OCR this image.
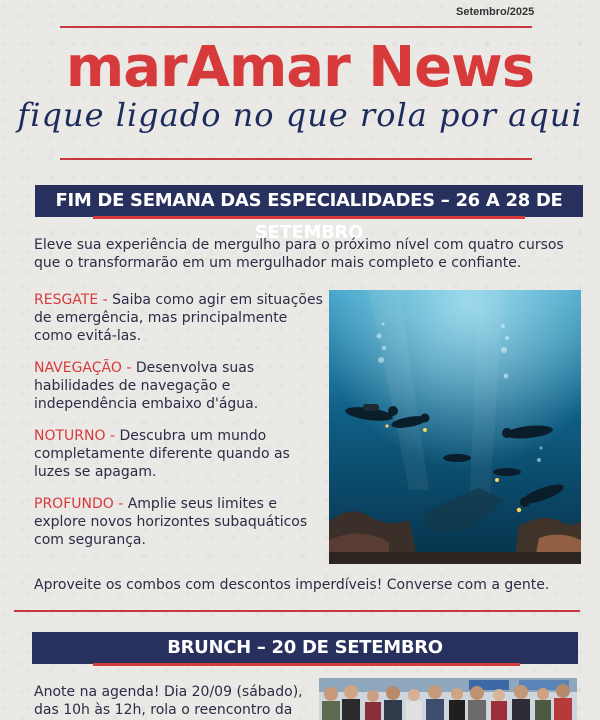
Setembro/2025
marAmar News
fique ligado no que rola por aqui
FIM DE SEMANA DAS ESPECIALIDADES – 26 A 28 DE SETEMBRO
Eleve sua experiência de mergulho para o próximo nível com quatro cursos que o transformarão em um mergulhador mais completo e confiante.
RESGATE - Saiba como agir em situações de emergência, mas principalmente como evitá-las.
NAVEGAÇÃO - Desenvolva suas habilidades de navegação e independência embaixo d'água.
NOTURNO - Descubra um mundo completamente diferente quando as luzes se apagam.
PROFUNDO - Amplie seus limites e explore novos horizontes subaquáticos com segurança.
Aproveite os combos com descontos imperdíveis! Converse com a gente.
BRUNCH – 20 DE SETEMBRO
Anote na agenda! Dia 20/09 (sábado), das 10h às 12h, rola o reencontro da
